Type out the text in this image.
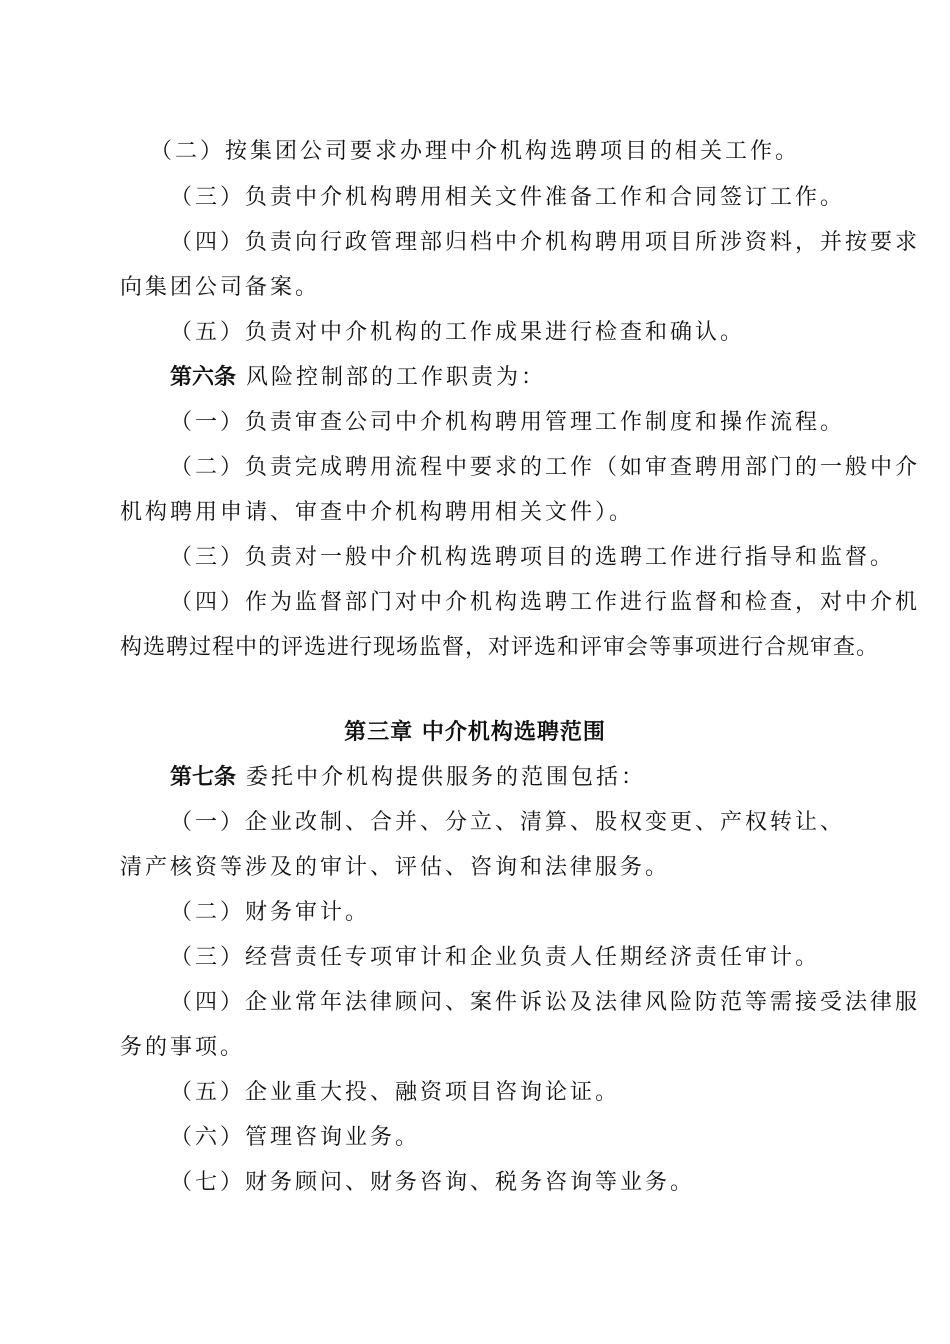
（二）按集团公司要求办理中介机构选聘项目的相关工作。
（三）负责中介机构聘用相关文件准备工作和合同签订工作。
（四）负责向行政管理部归档中介机构聘用项目所涉资料，并按要求
向集团公司备案。
（五）负责对中介机构的工作成果进行检查和确认。
第六条 风险控制部的工作职责为：
（一）负责审查公司中介机构聘用管理工作制度和操作流程。
（二）负责完成聘用流程中要求的工作（如审查聘用部门的一般中介
机构聘用申请、审查中介机构聘用相关文件）。
（三）负责对一般中介机构选聘项目的选聘工作进行指导和监督。
（四）作为监督部门对中介机构选聘工作进行监督和检查，对中介机
构选聘过程中的评选进行现场监督，对评选和评审会等事项进行合规审查。
第三章 中介机构选聘范围
第七条 委托中介机构提供服务的范围包括：
（一）企业改制、合并、分立、清算、股权变更、产权转让、
清产核资等涉及的审计、评估、咨询和法律服务。
（二）财务审计。
（三）经营责任专项审计和企业负责人任期经济责任审计。
（四）企业常年法律顾问、案件诉讼及法律风险防范等需接受法律服
务的事项。
（五）企业重大投、融资项目咨询论证。
（六）管理咨询业务。
（七）财务顾问、财务咨询、税务咨询等业务。
